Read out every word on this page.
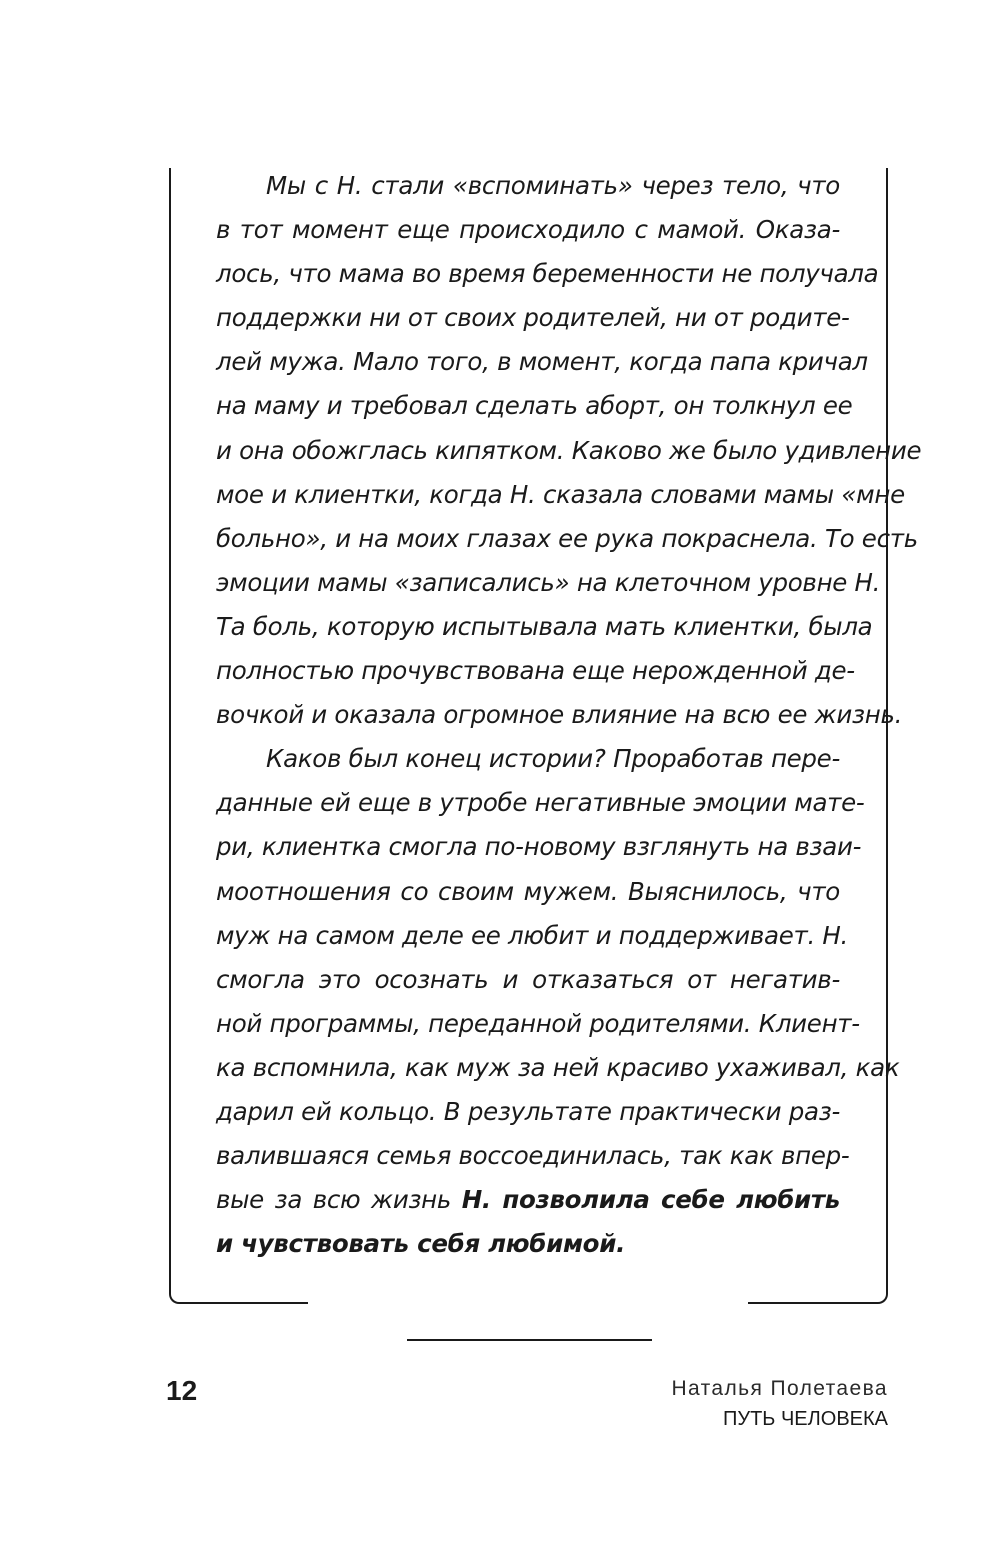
Мы с Н. стали «вспоминать» через тело, что
в тот момент еще происходило с мамой. Оказа-
лось, что мама во время беременности не получала
поддержки ни от своих родителей, ни от родите-
лей мужа. Мало того, в момент, когда папа кричал
на маму и требовал сделать аборт, он толкнул ее
и она обожглась кипятком. Каково же было удивление
мое и клиентки, когда Н. сказала словами мамы «мне
больно», и на моих глазах ее рука покраснела. То есть
эмоции мамы «записались» на клеточном уровне Н.
Та боль, которую испытывала мать клиентки, была
полностью прочувствована еще нерожденной де-
вочкой и оказала огромное влияние на всю ее жизнь.
Каков был конец истории? Проработав пере-
данные ей еще в утробе негативные эмоции мате-
ри, клиентка смогла по-новому взглянуть на взаи-
моотношения со своим мужем. Выяснилось, что
муж на самом деле ее любит и поддерживает. Н.
смогла это осознать и отказаться от негатив-
ной программы, переданной родителями. Клиент-
ка вспомнила, как муж за ней красиво ухаживал, как
дарил ей кольцо. В результате практически раз-
валившаяся семья воссоединилась, так как впер-
вые за всю жизнь Н. позволила себе любить
и чувствовать себя любимой.
12	Наталья Полетаева
ПУТЬ ЧЕЛОВЕКА
